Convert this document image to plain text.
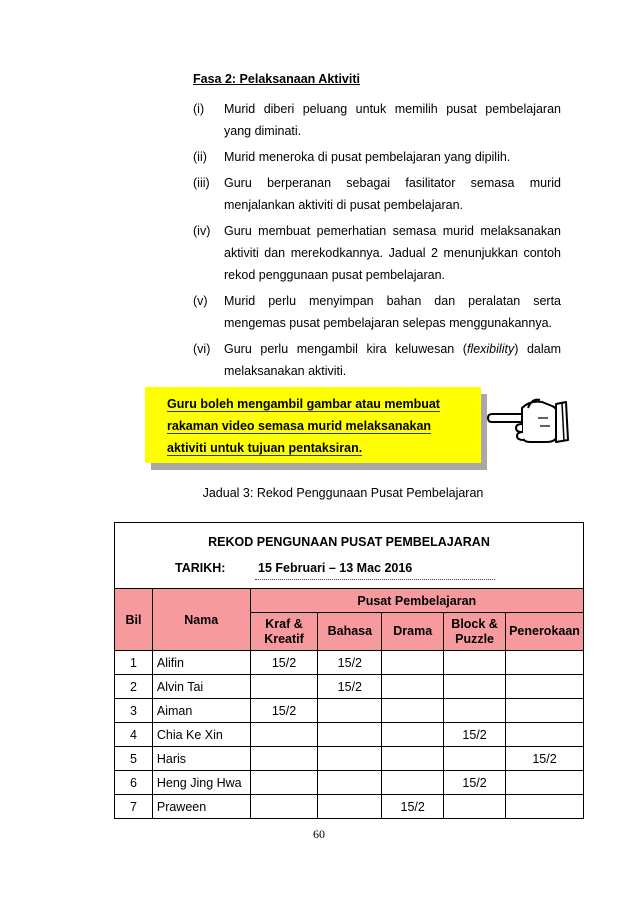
Fasa 2: Pelaksanaan Aktiviti
(i)	Murid diberi peluang untuk memilih pusat pembelajaran yang diminati.
(ii)	Murid meneroka di pusat pembelajaran yang dipilih.
(iii)	Guru berperanan sebagai fasilitator semasa murid menjalankan aktiviti di pusat pembelajaran.
(iv)	Guru membuat pemerhatian semasa murid melaksanakan aktiviti dan merekodkannya. Jadual 2 menunjukkan contoh rekod penggunaan pusat pembelajaran.
(v)	Murid perlu menyimpan bahan dan peralatan serta mengemas pusat pembelajaran selepas menggunakannya.
(vi)	Guru perlu mengambil kira keluwesan (flexibility) dalam melaksanakan aktiviti.
Guru boleh mengambil gambar atau membuat
rakaman video semasa murid melaksanakan
aktiviti untuk tujuan pentaksiran.
Jadual 3: Rekod Penggunaan Pusat Pembelajaran
REKOD PENGUNAAN PUSAT PEMBELAJARAN
TARIKH:	15 Februari – 13 Mac 2016
Bil	Nama	Pusat Pembelajaran				
		Kraf & Kreatif	Bahasa	Drama	Block & Puzzle	Penerokaan
1	Alifin	15/2	15/2			
2	Alvin Tai		15/2			
3	Aiman	15/2				
4	Chia Ke Xin				15/2	
5	Haris					15/2
6	Heng Jing Hwa				15/2	
7	Praween			15/2		
60
